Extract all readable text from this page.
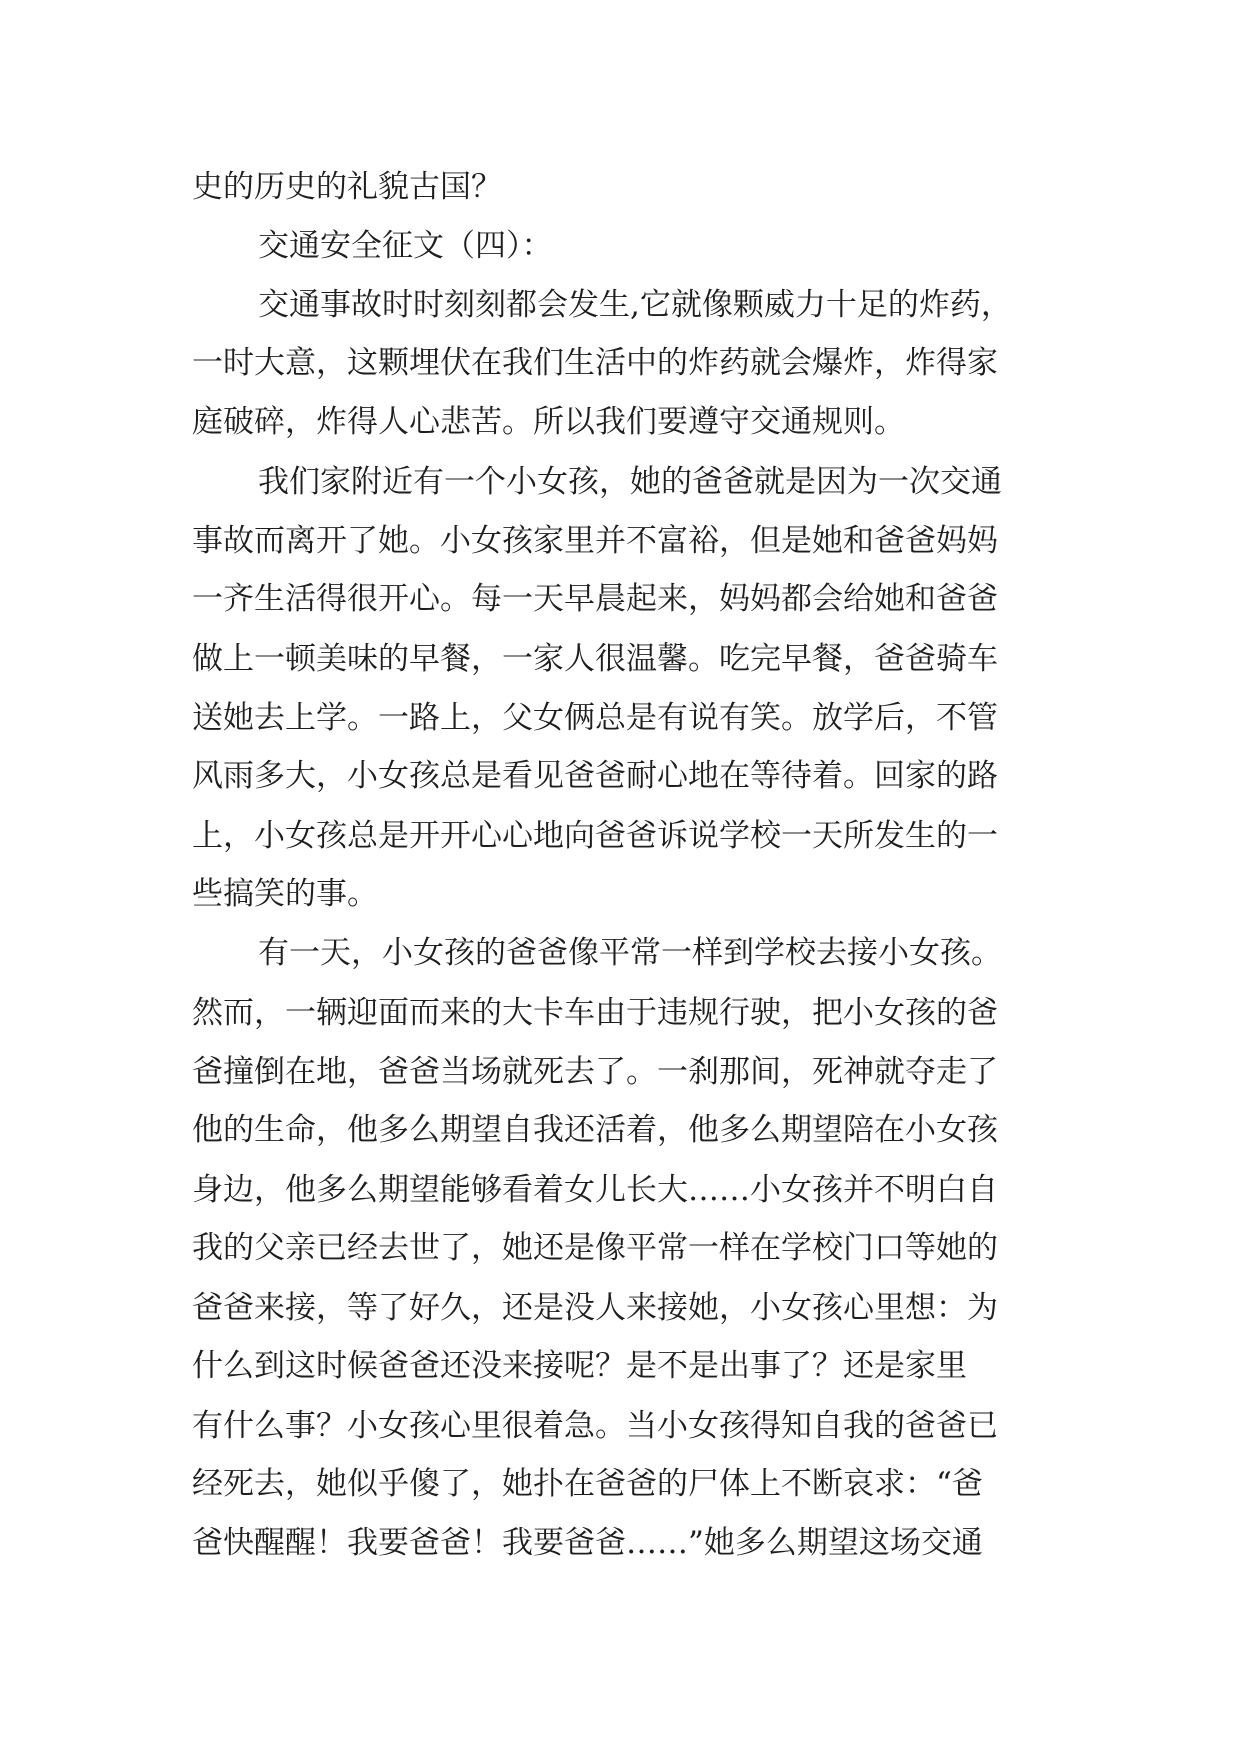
史的历史的礼貌古国？
交通安全征文（四）：
交通事故时时刻刻都会发生,它就像颗威力十足的炸药，
一时大意，这颗埋伏在我们生活中的炸药就会爆炸，炸得家
庭破碎，炸得人心悲苦。所以我们要遵守交通规则。
我们家附近有一个小女孩，她的爸爸就是因为一次交通
事故而离开了她。小女孩家里并不富裕，但是她和爸爸妈妈
一齐生活得很开心。每一天早晨起来，妈妈都会给她和爸爸
做上一顿美味的早餐，一家人很温馨。吃完早餐，爸爸骑车
送她去上学。一路上，父女俩总是有说有笑。放学后，不管
风雨多大，小女孩总是看见爸爸耐心地在等待着。回家的路
上，小女孩总是开开心心地向爸爸诉说学校一天所发生的一
些搞笑的事。
有一天，小女孩的爸爸像平常一样到学校去接小女孩。
然而，一辆迎面而来的大卡车由于违规行驶，把小女孩的爸
爸撞倒在地，爸爸当场就死去了。一刹那间，死神就夺走了
他的生命，他多么期望自我还活着，他多么期望陪在小女孩
身边，他多么期望能够看着女儿长大……小女孩并不明白自
我的父亲已经去世了，她还是像平常一样在学校门口等她的
爸爸来接，等了好久，还是没人来接她，小女孩心里想：为
什么到这时候爸爸还没来接呢？是不是出事了？还是家里
有什么事？小女孩心里很着急。当小女孩得知自我的爸爸已
经死去，她似乎傻了，她扑在爸爸的尸体上不断哀求：“爸
爸快醒醒！我要爸爸！我要爸爸……”她多么期望这场交通
